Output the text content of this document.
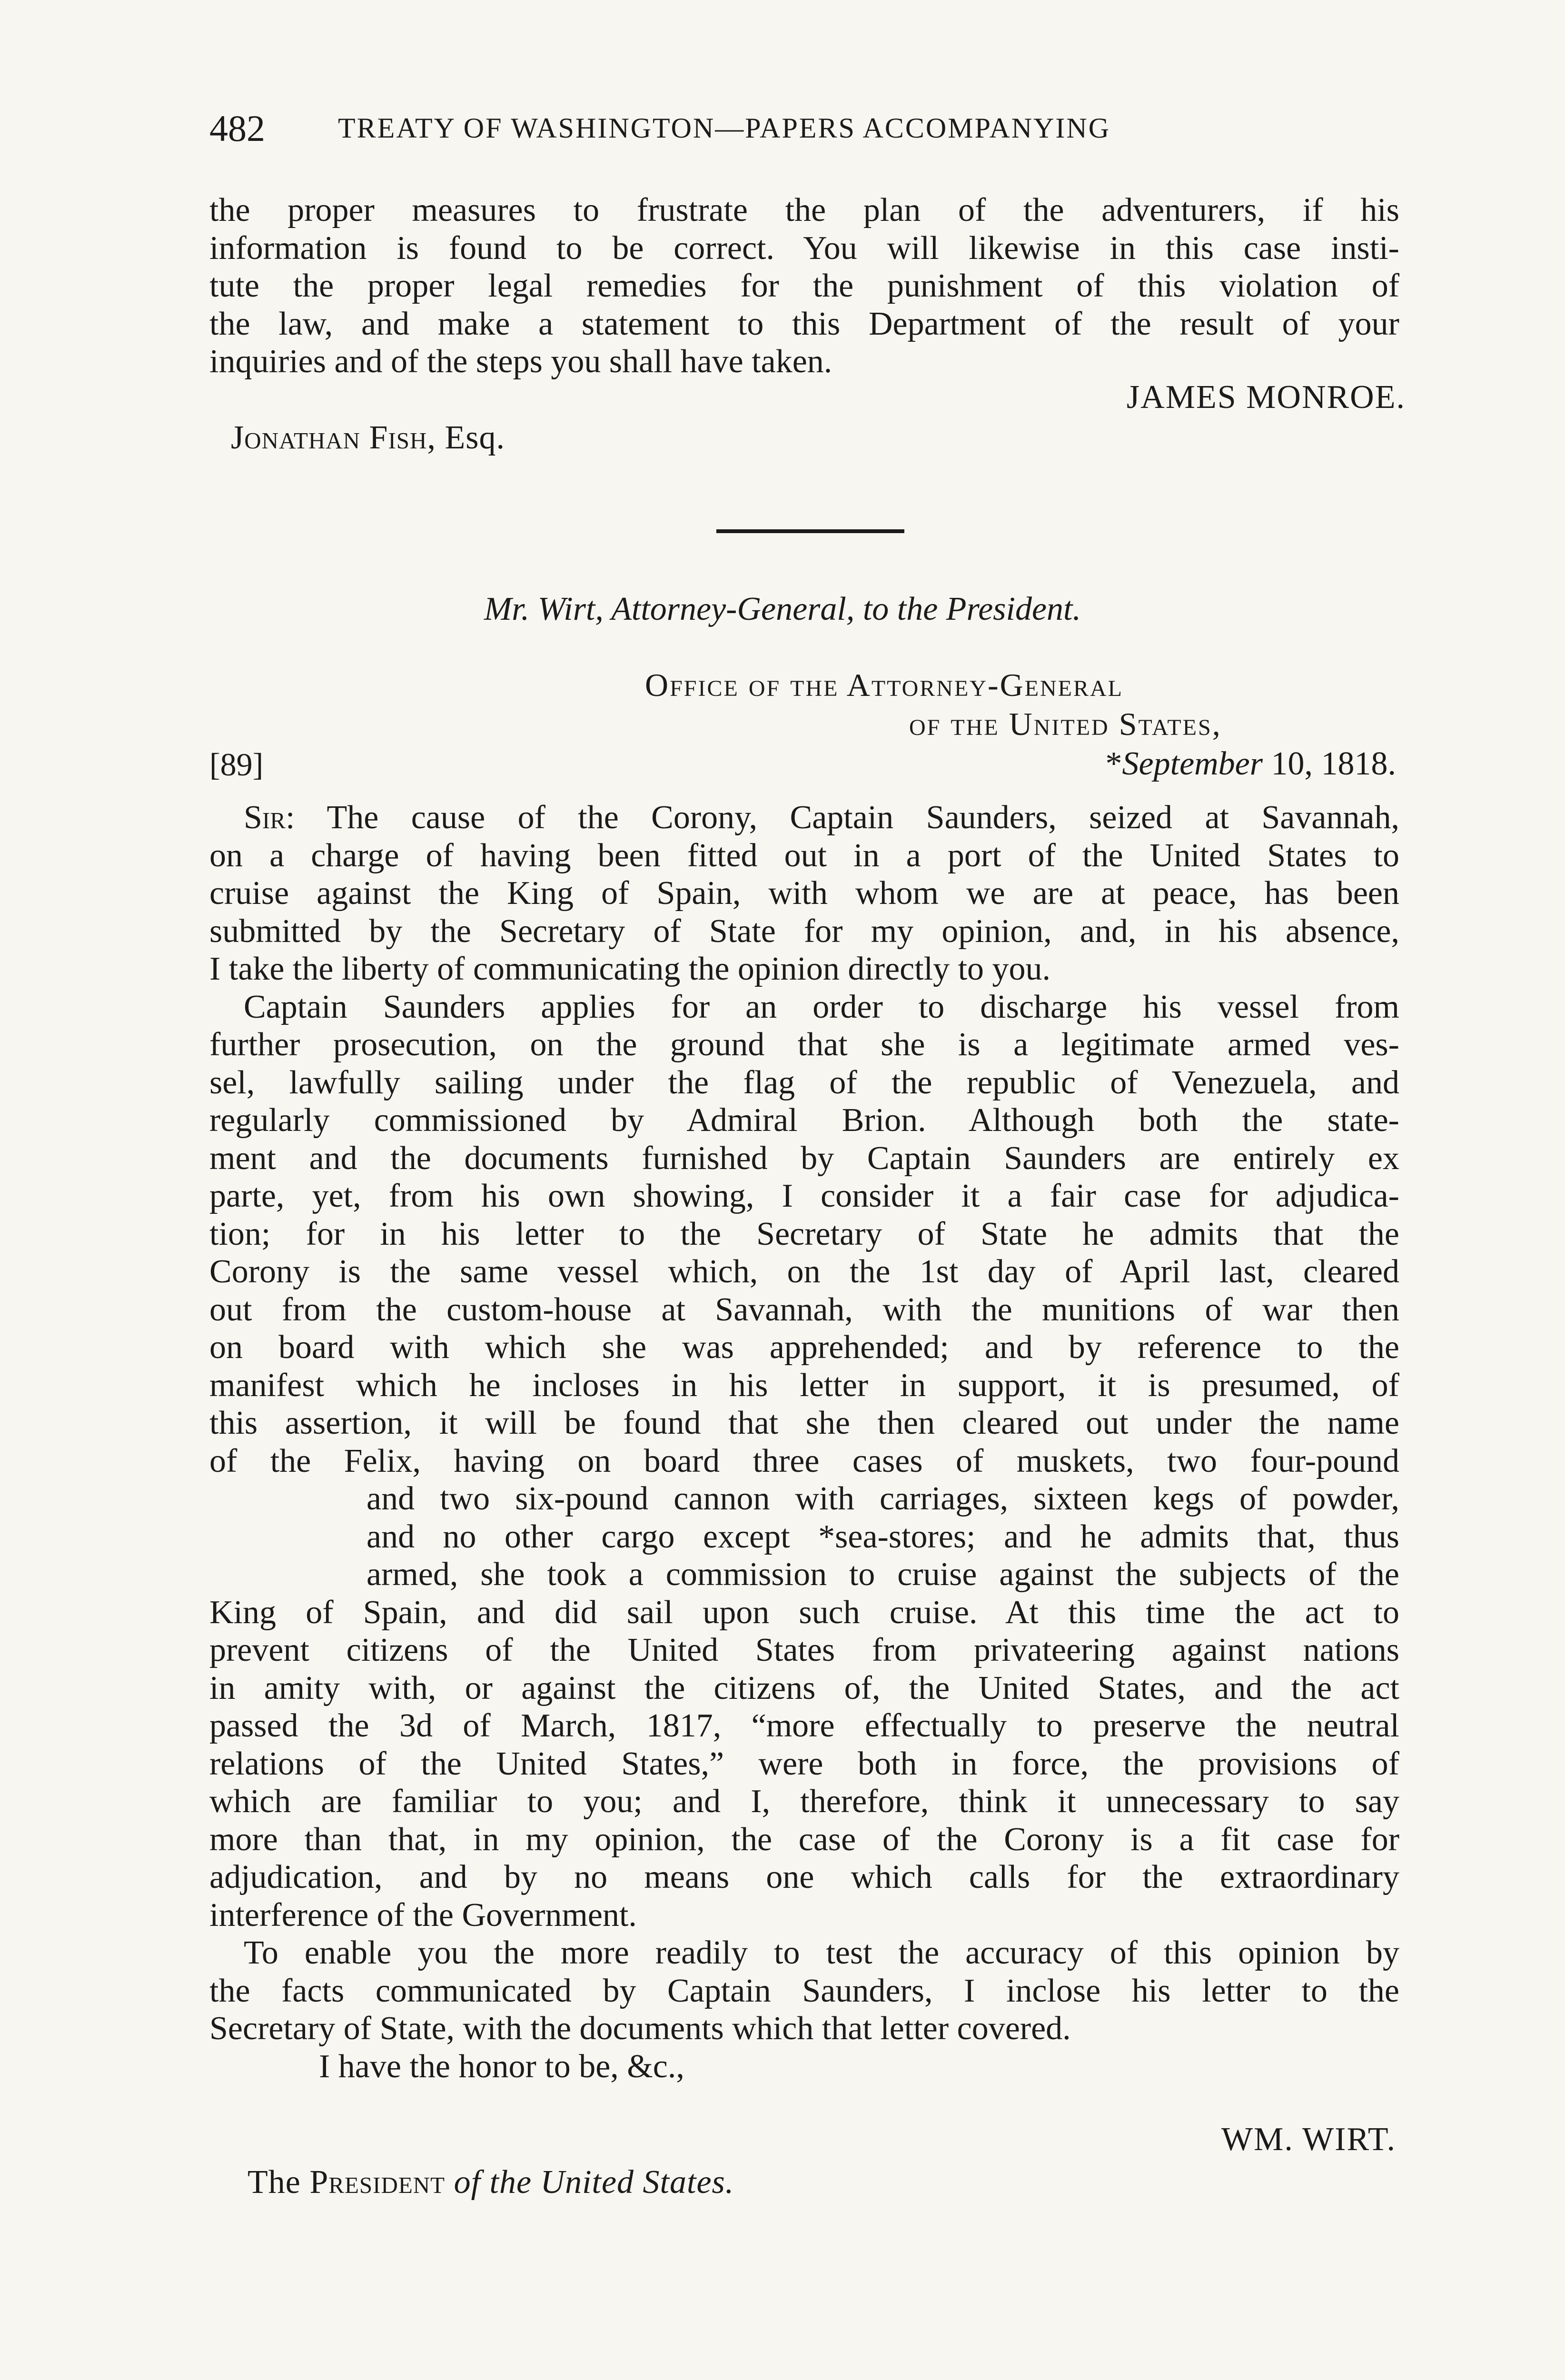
482	TREATY OF WASHINGTON—PAPERS ACCOMPANYING
the proper measures to frustrate the plan of the adventurers, if his
information is found to be correct. You will likewise in this case insti-
tute the proper legal remedies for the punishment of this violation of
the law, and make a statement to this Department of the result of your
inquiries and of the steps you shall have taken.
JAMES MONROE.
Jonathan Fish, Esq.
Mr. Wirt, Attorney-General, to the President.
Office of the Attorney-General
of the United States,
[89]	*September 10, 1818.
Sir: The cause of the Corony, Captain Saunders, seized at Savannah,
on a charge of having been fitted out in a port of the United States to
cruise against the King of Spain, with whom we are at peace, has been
submitted by the Secretary of State for my opinion, and, in his absence,
I take the liberty of communicating the opinion directly to you.
Captain Saunders applies for an order to discharge his vessel from
further prosecution, on the ground that she is a legitimate armed ves-
sel, lawfully sailing under the flag of the republic of Venezuela, and
regularly commissioned by Admiral Brion. Although both the state-
ment and the documents furnished by Captain Saunders are entirely ex
parte, yet, from his own showing, I consider it a fair case for adjudica-
tion; for in his letter to the Secretary of State he admits that the
Corony is the same vessel which, on the 1st day of April last, cleared
out from the custom-house at Savannah, with the munitions of war then
on board with which she was apprehended; and by reference to the
manifest which he incloses in his letter in support, it is presumed, of
this assertion, it will be found that she then cleared out under the name
of the Felix, having on board three cases of muskets, two four-pound
and two six-pound cannon with carriages, sixteen kegs of powder,
and no other cargo except *sea-stores; and he admits that, thus
armed, she took a commission to cruise against the subjects of the
King of Spain, and did sail upon such cruise. At this time the act to
prevent citizens of the United States from privateering against nations
in amity with, or against the citizens of, the United States, and the act
passed the 3d of March, 1817, “more effectually to preserve the neutral
relations of the United States,” were both in force, the provisions of
which are familiar to you; and I, therefore, think it unnecessary to say
more than that, in my opinion, the case of the Corony is a fit case for
adjudication, and by no means one which calls for the extraordinary
interference of the Government.
To enable you the more readily to test the accuracy of this opinion by
the facts communicated by Captain Saunders, I inclose his letter to the
Secretary of State, with the documents which that letter covered.
I have the honor to be, &c.,
WM. WIRT.
The President of the United States.
